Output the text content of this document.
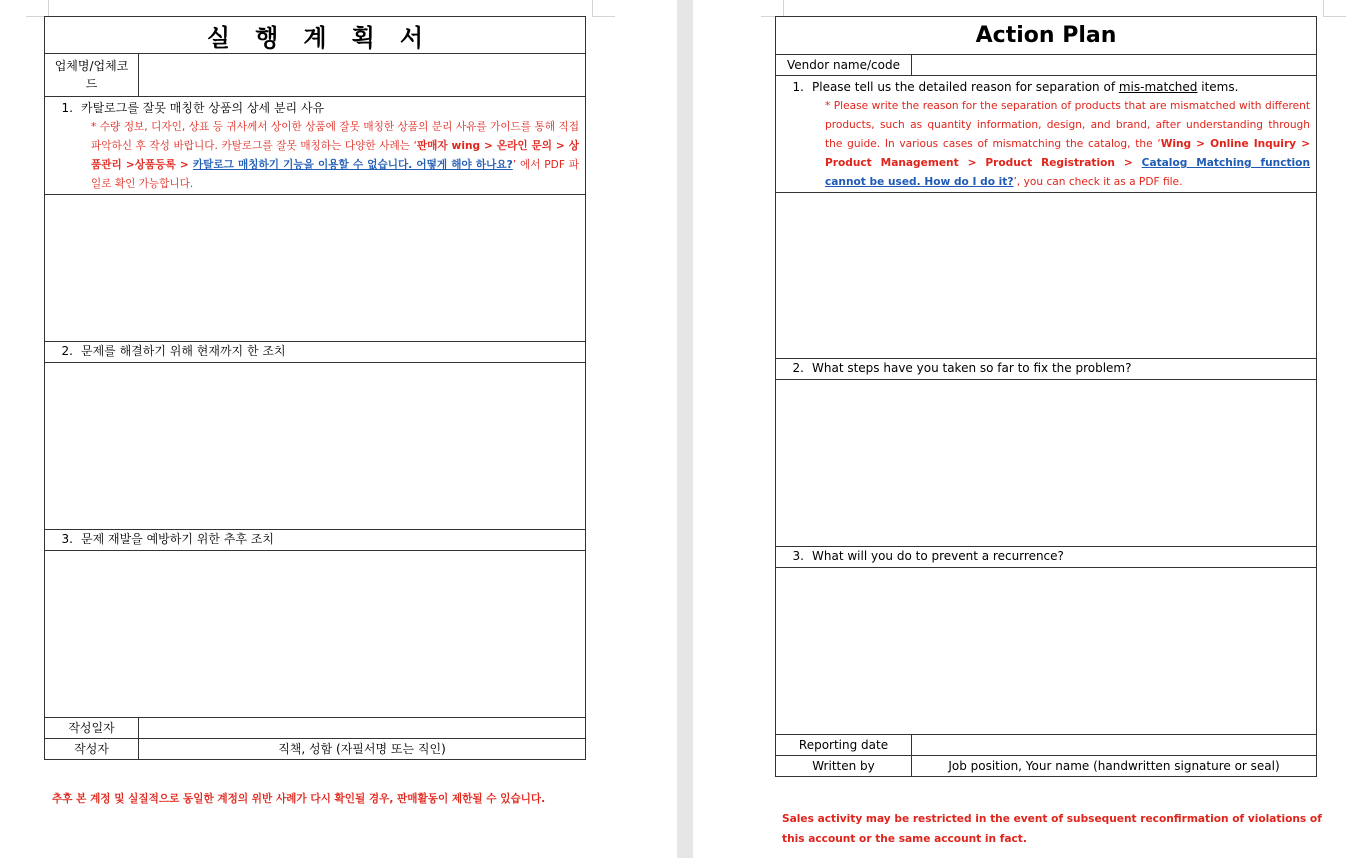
실   행   계   획   서	
업체명/업체코드	

1. 카탈로그를 잘못 매칭한 상품의 상세 분리 사유
* 수량 정보, 디자인, 상표 등 귀사께서 상이한 상품에 잘못 매칭한 상품의 분리 사유를 가이드를 통해 직접 파악하신 후 작성 바랍니다. 카탈로그를 잘못 매칭하는 다양한 사례는 ‘판매자 wing > 온라인 문의 > 상품관리 >상품등록 > 카탈로그 매칭하기 기능을 이용할 수 없습니다. 어떻게 해야 하나요?’ 에서 PDF 파일로 확인 가능합니다.	

2. 문제를 해결하기 위해 현재까지 한 조치	

3. 문제 재발을 예방하기 위한 추후 조치	

작성일자	
작성자	직책, 성함 (자필서명 또는 직인)
추후 본 계정 및 실질적으로 동일한 계정의 위반 사례가 다시 확인될 경우, 판매활동이 제한될 수 있습니다.
Action Plan	
Vendor name/code	

1. Please tell us the detailed reason for separation of mis-matched items.
* Please write the reason for the separation of products that are mismatched with different products, such as quantity information, design, and brand, after understanding through the guide. In various cases of mismatching the catalog, the ‘Wing > Online Inquiry > Product Management > Product Registration > Catalog Matching function cannot be used. How do I do it?’, you can check it as a PDF file.	

2. What steps have you taken so far to fix the problem?	

3. What will you do to prevent a recurrence?	

Reporting date	
Written by	Job position, Your name (handwritten signature or seal)
Sales activity may be restricted in the event of subsequent reconfirmation of violations of this account or the same account in fact.
